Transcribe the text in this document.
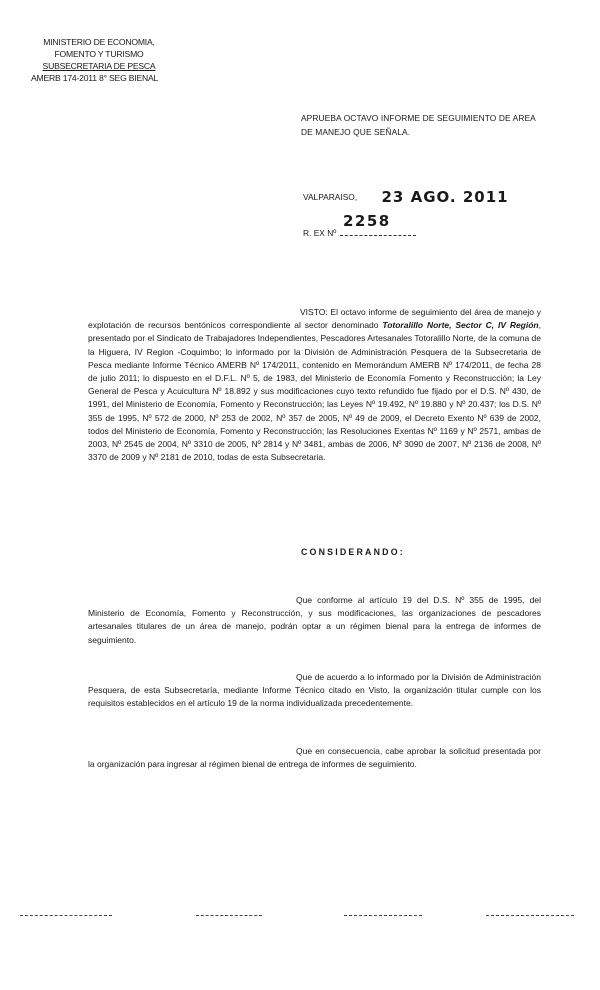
MINISTERIO DE ECONOMIA,
FOMENTO Y TURISMO
SUBSECRETARIA DE PESCA
AMERB 174-2011 8° SEG BIENAL
APRUEBA OCTAVO INFORME DE SEGUIMIENTO DE AREA DE MANEJO QUE SEÑALA.
VALPARAISO, 23 AGO. 2011
2258
R. EX Nº
VISTO: El octavo informe de seguimiento del área de manejo y explotación de recursos bentónicos correspondiente al sector denominado Totoralillo Norte, Sector C, IV Región, presentado por el Sindicato de Trabajadores Independientes, Pescadores Artesanales Totoralillo Norte, de la comuna de la Higuera, IV Region -Coquimbo; lo informado por la División de Administración Pesquera de la Subsecretaria de Pesca mediante Informe Técnico AMERB Nº 174/2011, contenido en Memorándum AMERB Nº 174/2011, de fecha 28 de julio 2011; lo dispuesto en el D.F.L. Nº 5, de 1983, del Ministerio de Economía Fomento y Reconstrucción; la Ley General de Pesca y Acuicultura Nº 18.892 y sus modificaciones cuyo texto refundido fue fijado por el D.S. Nº 430, de 1991, del Ministerio de Economía, Fomento y Reconstrucción; las Leyes Nº 19.492, Nº 19.880 y Nº 20.437; los D.S. Nº 355 de 1995, Nº 572 de 2000, Nº 253 de 2002, Nº 357 de 2005, Nº 49 de 2009, el Decreto Exento Nº 639 de 2002, todos del Ministerio de Economía, Fomento y Reconstrucción; las Resoluciones Exentas Nº 1169 y Nº 2571, ambas de 2003, Nº 2545 de 2004, Nº 3310 de 2005, Nº 2814 y Nº 3481, ambas de 2006, Nº 3090 de 2007, Nº 2136 de 2008, Nº 3370 de 2009 y Nº 2181 de 2010, todas de esta Subsecretaria.
CONSIDERANDO:
Que conforme al artículo 19 del D.S. Nº 355 de 1995, del Ministerio de Economía, Fomento y Reconstrucción, y sus modificaciones, las organizaciones de pescadores artesanales titulares de un área de manejo, podrán optar a un régimen bienal para la entrega de informes de seguimiento.
Que de acuerdo a lo informado por la División de Administración Pesquera, de esta Subsecretaría, mediante Informe Técnico citado en Visto, la organización titular cumple con los requisitos establecidos en el artículo 19 de la norma individualizada precedentemente.
Que en consecuencia, cabe aprobar la solicitud presentada por la organización para ingresar al régimen bienal de entrega de informes de seguimiento.
